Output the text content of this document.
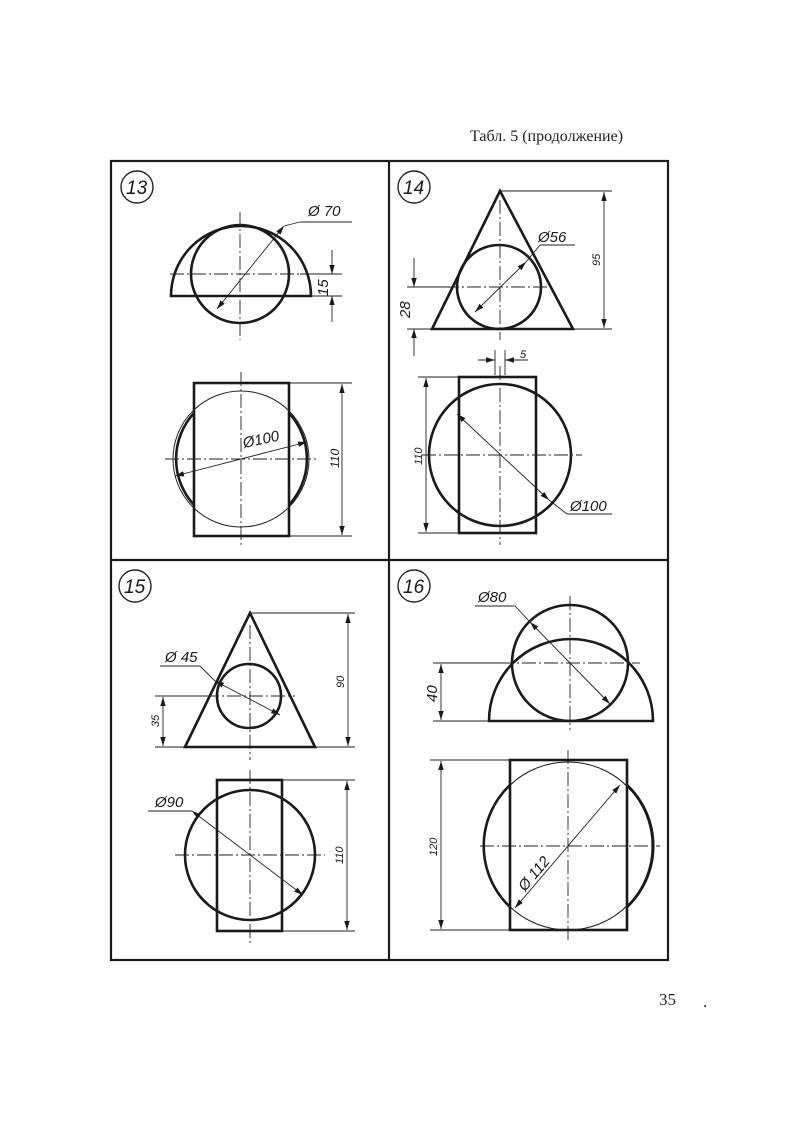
Табл. 5 (продолжение)
13
Ø 70
15
Ø100
110
14
Ø56
95
28
5
Ø100
110
15
Ø 45
90
35
Ø90
110
16	Ø80
40
Ø 112
120
35 .
